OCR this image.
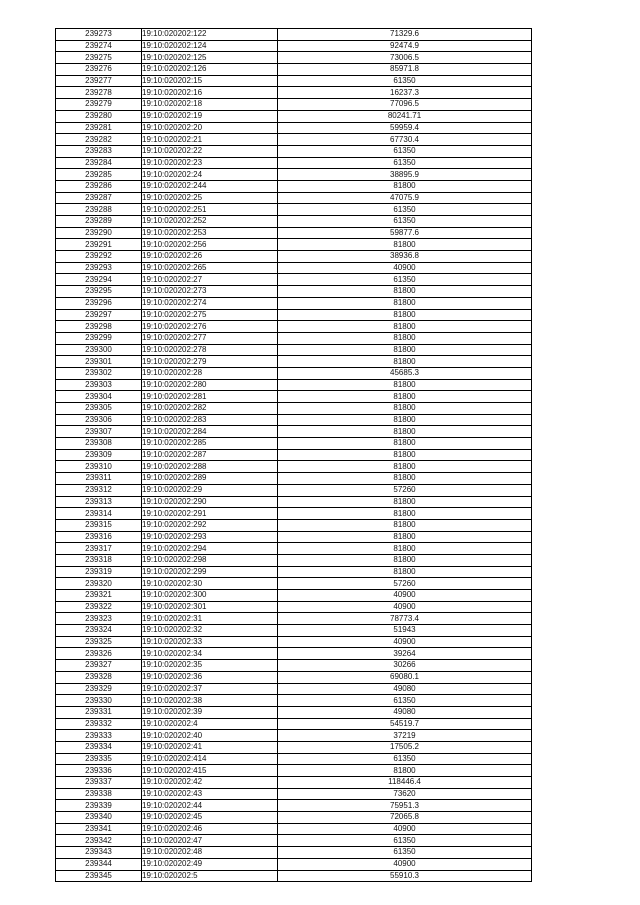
239273	19:10:020202:122	71329.6
239274	19:10:020202:124	92474.9
239275	19:10:020202:125	73006.5
239276	19:10:020202:126	85971.8
239277	19:10:020202:15	61350
239278	19:10:020202:16	16237.3
239279	19:10:020202:18	77096.5
239280	19:10:020202:19	80241.71
239281	19:10:020202:20	59959.4
239282	19:10:020202:21	67730.4
239283	19:10:020202:22	61350
239284	19:10:020202:23	61350
239285	19:10:020202:24	38895.9
239286	19:10:020202:244	81800
239287	19:10:020202:25	47075.9
239288	19:10:020202:251	61350
239289	19:10:020202:252	61350
239290	19:10:020202:253	59877.6
239291	19:10:020202:256	81800
239292	19:10:020202:26	38936.8
239293	19:10:020202:265	40900
239294	19:10:020202:27	61350
239295	19:10:020202:273	81800
239296	19:10:020202:274	81800
239297	19:10:020202:275	81800
239298	19:10:020202:276	81800
239299	19:10:020202:277	81800
239300	19:10:020202:278	81800
239301	19:10:020202:279	81800
239302	19:10:020202:28	45685.3
239303	19:10:020202:280	81800
239304	19:10:020202:281	81800
239305	19:10:020202:282	81800
239306	19:10:020202:283	81800
239307	19:10:020202:284	81800
239308	19:10:020202:285	81800
239309	19:10:020202:287	81800
239310	19:10:020202:288	81800
239311	19:10:020202:289	81800
239312	19:10:020202:29	57260
239313	19:10:020202:290	81800
239314	19:10:020202:291	81800
239315	19:10:020202:292	81800
239316	19:10:020202:293	81800
239317	19:10:020202:294	81800
239318	19:10:020202:298	81800
239319	19:10:020202:299	81800
239320	19:10:020202:30	57260
239321	19:10:020202:300	40900
239322	19:10:020202:301	40900
239323	19:10:020202:31	78773.4
239324	19:10:020202:32	51943
239325	19:10:020202:33	40900
239326	19:10:020202:34	39264
239327	19:10:020202:35	30266
239328	19:10:020202:36	69080.1
239329	19:10:020202:37	49080
239330	19:10:020202:38	61350
239331	19:10:020202:39	49080
239332	19:10:020202:4	54519.7
239333	19:10:020202:40	37219
239334	19:10:020202:41	17505.2
239335	19:10:020202:414	61350
239336	19:10:020202:415	81800
239337	19:10:020202:42	118446.4
239338	19:10:020202:43	73620
239339	19:10:020202:44	75951.3
239340	19:10:020202:45	72065.8
239341	19:10:020202:46	40900
239342	19:10:020202:47	61350
239343	19:10:020202:48	61350
239344	19:10:020202:49	40900
239345	19:10:020202:5	55910.3
